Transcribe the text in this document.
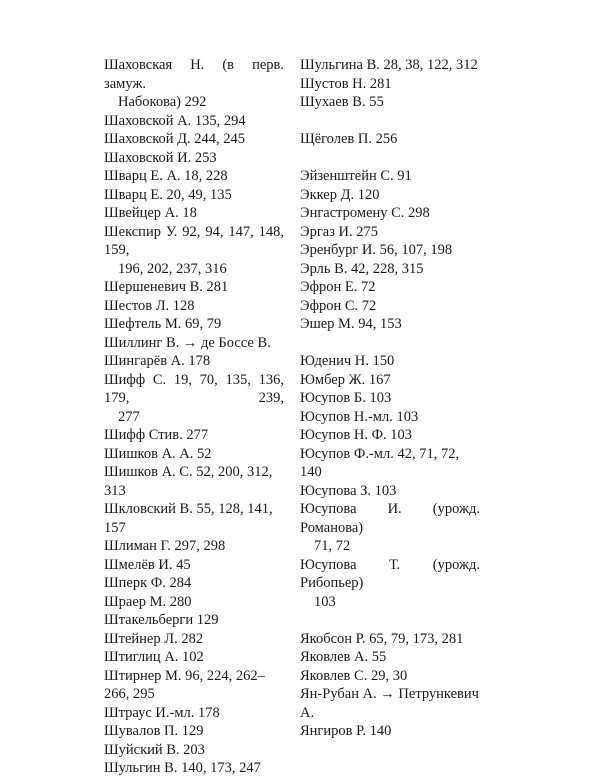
Шаховская Н. (в перв. замуж.
Набокова) 292

Шаховской А. 135, 294

Шаховской Д. 244, 245

Шаховской И. 253

Шварц Е. А. 18, 228

Шварц Е. 20, 49, 135

Швейцер А. 18

Шекспир У. 92, 94, 147, 148, 159,
196, 202, 237, 316

Шершеневич В. 281

Шестов Л. 128

Шефтель М. 69, 79

Шиллинг В. → де Боссе В.

Шингарёв А. 178

Шифф С. 19, 70, 135, 136, 179, 239,
277

Шифф Стив. 277

Шишков А. А. 52

Шишков А. С. 52, 200, 312, 313

Шкловский В. 55, 128, 141, 157

Шлиман Г. 297, 298

Шмелёв И. 45

Шперк Ф. 284

Шраер М. 280

Штакельберги 129

Штейнер Л. 282

Штиглиц А. 102

Штирнер М. 96, 224, 262–266, 295

Штраус И.-мл. 178

Шувалов П. 129

Шуйский В. 203

Шульгин В. 140, 173, 247

Шульгина В. 28, 38, 122, 312

Шустов Н. 281

Шухаев В. 55

Щёголев П. 256

Эйзенштейн С. 91

Эккер Д. 120

Энгастромену С. 298

Эргаз И. 275

Эренбург И. 56, 107, 198

Эрль В. 42, 228, 315

Эфрон Е. 72

Эфрон С. 72

Эшер М. 94, 153

Юденич Н. 150

Юмбер Ж. 167

Юсупов Б. 103

Юсупов Н.-мл. 103

Юсупов Н. Ф. 103

Юсупов Ф.-мл. 42, 71, 72, 140

Юсупова З. 103

Юсупова И. (урожд. Романова)
71, 72

Юсупова Т. (урожд. Рибопьер)
103

Якобсон Р. 65, 79, 173, 281

Яковлев А. 55

Яковлев С. 29, 30

Ян-Рубан А. → Петрункевич А.

Янгиров Р. 140
